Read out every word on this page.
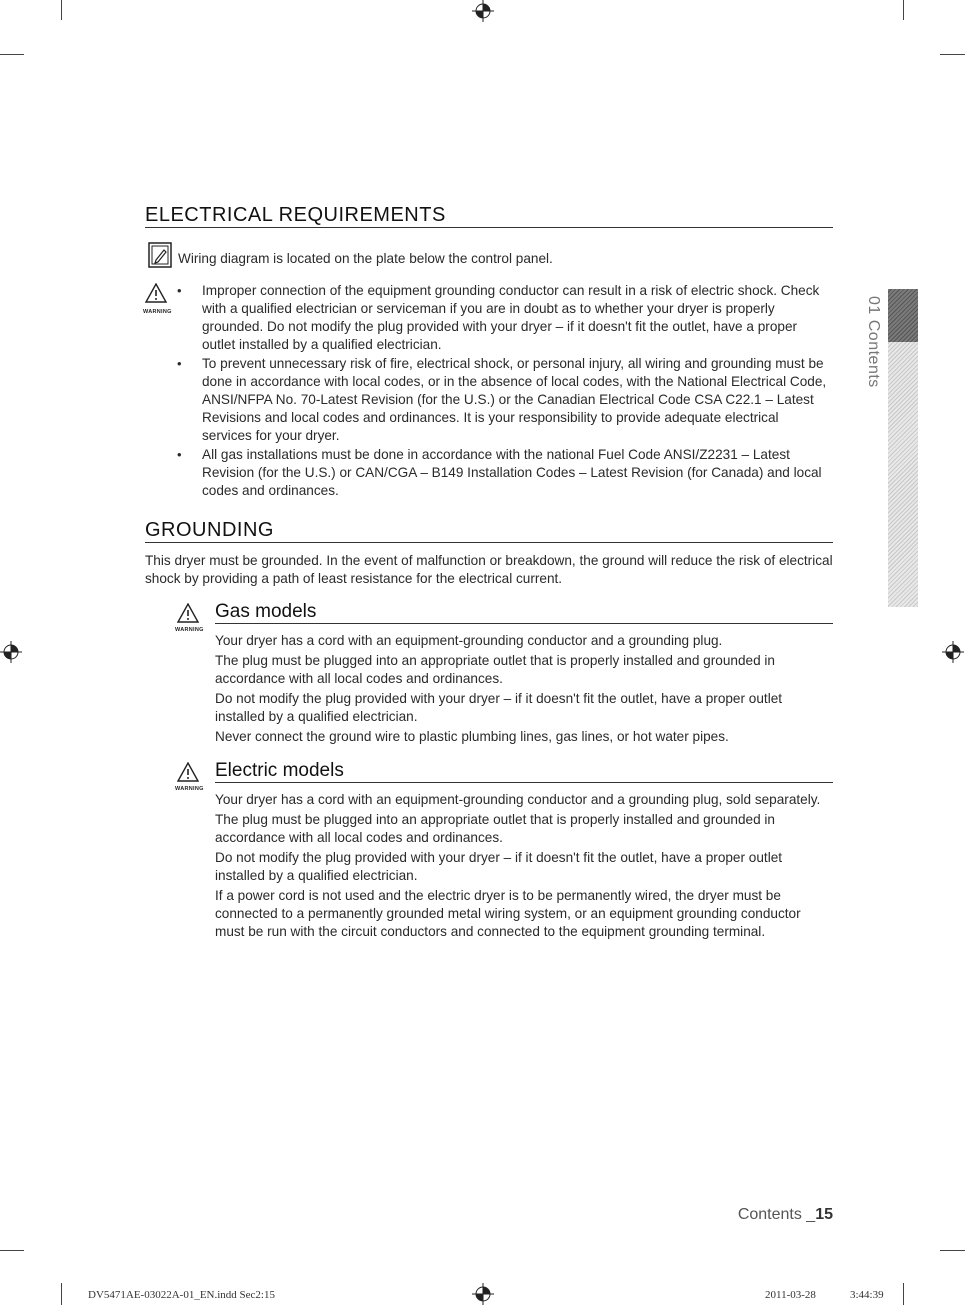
ELECTRICAL REQUIREMENTS
Wiring diagram is located on the plate below the control panel.
WARNING
• Improper connection of the equipment grounding conductor can result in a risk of electric shock. Check with a qualified electrician or serviceman if you are in doubt as to whether your dryer is properly grounded. Do not modify the plug provided with your dryer – if it doesn't fit the outlet, have a proper outlet installed by a qualified electrician.
• To prevent unnecessary risk of fire, electrical shock, or personal injury, all wiring and grounding must be done in accordance with local codes, or in the absence of local codes, with the National Electrical Code, ANSI/NFPA No. 70-Latest Revision (for the U.S.) or the Canadian Electrical Code CSA C22.1 – Latest Revisions and local codes and ordinances. It is your responsibility to provide adequate electrical services for your dryer.
• All gas installations must be done in accordance with the national Fuel Code ANSI/Z2231 – Latest Revision (for the U.S.) or CAN/CGA – B149 Installation Codes – Latest Revision (for Canada) and local codes and ordinances.
GROUNDING
This dryer must be grounded. In the event of malfunction or breakdown, the ground will reduce the risk of electrical shock by providing a path of least resistance for the electrical current.
WARNING
Gas models

Your dryer has a cord with an equipment-grounding conductor and a grounding plug.

The plug must be plugged into an appropriate outlet that is properly installed and grounded in accordance with all local codes and ordinances.

Do not modify the plug provided with your dryer – if it doesn't fit the outlet, have a proper outlet installed by a qualified electrician.

Never connect the ground wire to plastic plumbing lines, gas lines, or hot water pipes.

WARNING
Electric models

Your dryer has a cord with an equipment-grounding conductor and a grounding plug, sold separately.

The plug must be plugged into an appropriate outlet that is properly installed and grounded in accordance with all local codes and ordinances.

Do not modify the plug provided with your dryer – if it doesn't fit the outlet, have a proper outlet installed by a qualified electrician.

If a power cord is not used and the electric dryer is to be permanently wired, the dryer must be connected to a permanently grounded metal wiring system, or an equipment grounding conductor must be run with the circuit conductors and connected to the equipment grounding terminal.

01 Contents
Contents _15
DV5471AE-03022A-01_EN.indd Sec2:15	2011-03-28	3:44:39
